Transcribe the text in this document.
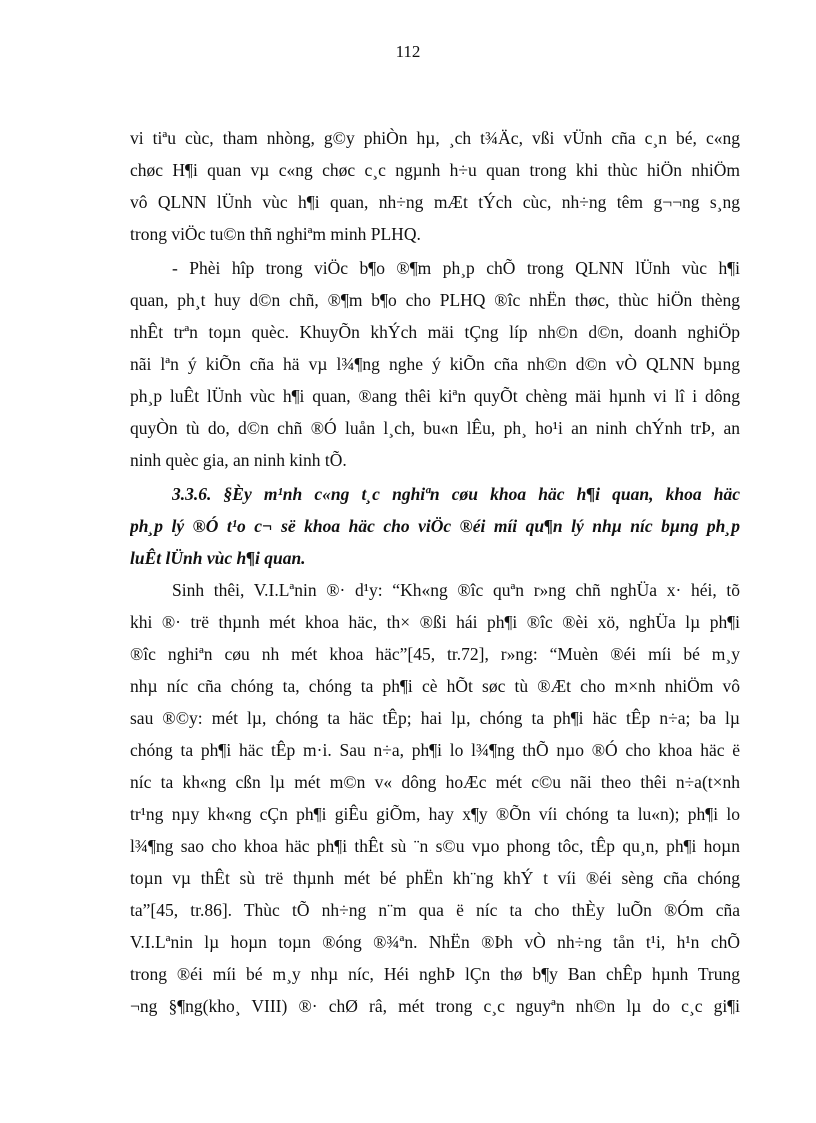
112
vi tiªu cùc, tham nhòng, g©y phiÒn hµ, ¸ch t¾Äc, vßi vÜnh cña c¸n bé, c«ng
chøc H¶i quan vµ c«ng chøc c¸c ngµnh h÷u quan trong khi thùc hiÖn nhiÖm
vô QLNN lÜnh vùc h¶i quan, nh÷ng mÆt tÝch cùc, nh÷ng têm g¬¬ng s¸ng
trong viÖc tu©n thñ nghiªm minh PLHQ.
- Phèi hîp trong viÖc b¶o ®¶m ph¸p chÕ trong QLNN lÜnh vùc h¶i
quan, ph¸t huy d©n chñ, ®¶m b¶o cho PLHQ ®îc nhËn thøc, thùc hiÖn thèng
nhÊt trªn toµn quèc. KhuyÕn khÝch mäi tÇng líp nh©n d©n, doanh nghiÖp
nãi lªn ý kiÕn cña hä vµ l¾¶ng nghe ý kiÕn cña nh©n d©n vÒ QLNN bµng
ph¸p luÊt lÜnh vùc h¶i quan, ®ang thêi kiªn quyÕt chèng mäi hµnh vi lî i dông
quyÒn tù do, d©n chñ ®Ó luån l¸ch, bu«n lÊu, ph¸ ho¹i an ninh chÝnh trÞ, an
ninh quèc gia, an ninh kinh tÕ.
3.3.6. §Èy m¹nh c«ng t¸c nghiªn cøu khoa häc h¶i quan, khoa häc
ph¸p lý ®Ó t¹o c¬ së khoa häc cho viÖc ®éi míi qu¶n lý nhµ níc bµng ph¸p
luÊt lÜnh vùc h¶i quan.
Sinh thêi, V.I.Lªnin ®· d¹y: “Kh«ng ®îc quªn r»ng chñ nghÜa x· héi, tõ
khi ®· trë thµnh mét khoa häc, th× ®ßi hái ph¶i ®îc ®èi xö, nghÜa lµ ph¶i
®îc nghiªn cøu nh mét khoa häc”[45, tr.72], r»ng: “Muèn ®éi míi bé m¸y
nhµ níc cña chóng ta, chóng ta ph¶i cè hÕt søc tù ®Æt cho m×nh nhiÖm vô
sau ®©y: mét lµ, chóng ta häc tÊp; hai lµ, chóng ta ph¶i häc tÊp n÷a; ba lµ
chóng ta ph¶i häc tÊp m·i. Sau n÷a, ph¶i lo l¾¶ng thÕ nµo ®Ó cho khoa häc ë
níc ta kh«ng cßn lµ mét m©n v« dông hoÆc mét c©u nãi theo thêi n÷a(t×nh
tr¹ng nµy kh«ng cÇn ph¶i giÊu giÕm, hay x¶y ®Õn víi chóng ta lu«n); ph¶i lo
l¾¶ng sao cho khoa häc ph¶i thÊt sù ¨n s©u vµo phong tôc, tÊp qu¸n, ph¶i hoµn
toµn vµ thÊt sù trë thµnh mét bé phËn kh¨ng khÝ t víi ®éi sèng cña chóng
ta”[45, tr.86]. Thùc tÕ nh÷ng n¨m qua ë níc ta cho thÈy luÕn ®Óm cña
V.I.Lªnin lµ hoµn toµn ®óng ®¾ªn. NhËn ®Þh vÒ nh÷ng tån t¹i, h¹n chÕ
trong ®éi míi bé m¸y nhµ níc, Héi nghÞ lÇn thø b¶y Ban chÊp hµnh Trung
¬ng §¶ng(kho¸ VIII) ®· chØ râ, mét trong c¸c nguyªn nh©n lµ do c¸c gi¶i
